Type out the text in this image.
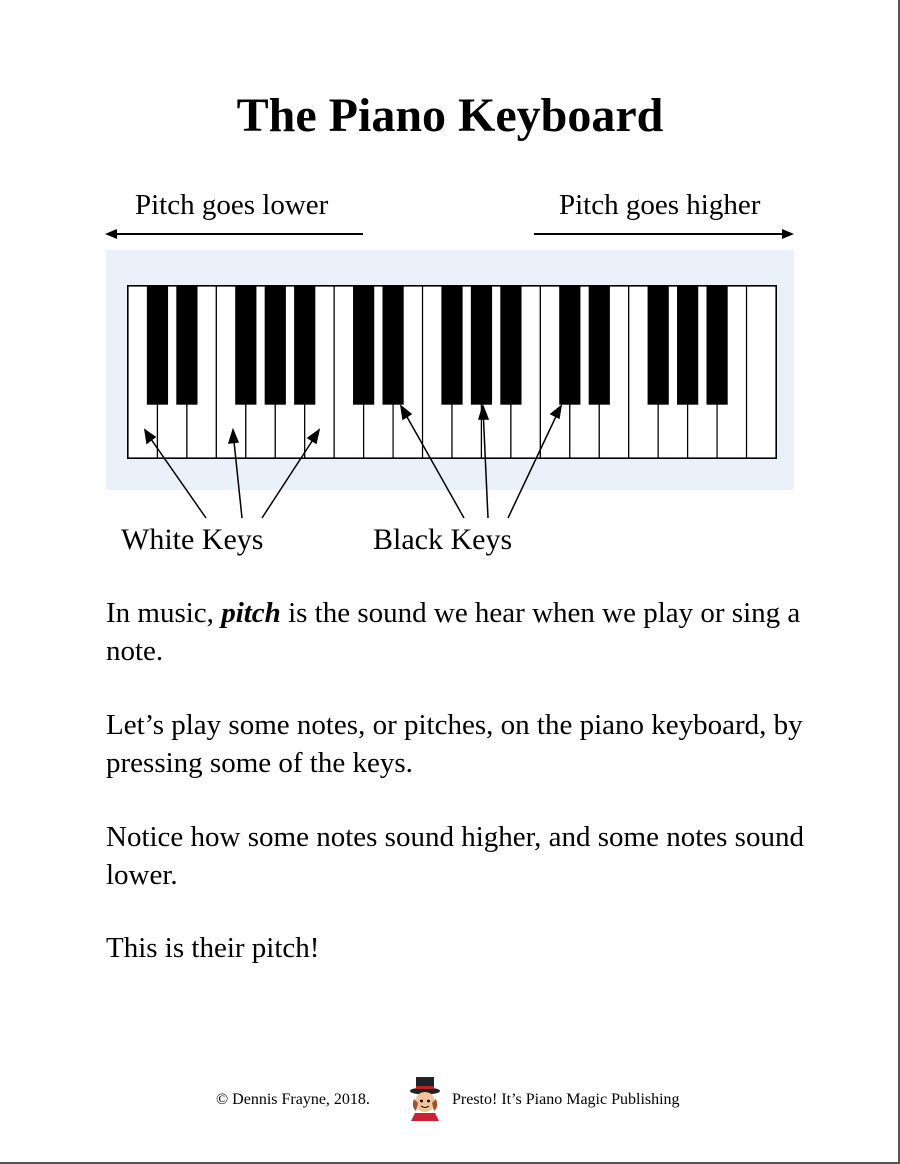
The Piano Keyboard
Pitch goes lower	Pitch goes higher
White Keys	Black Keys

In music, pitch is the sound we hear when we play or sing a note.

Let’s play some notes, or pitches, on the piano keyboard, by pressing some of the keys.

Notice how some notes sound higher, and some notes sound lower.

This is their pitch!

© Dennis Frayne, 2018.	Presto! It’s Piano Magic Publishing
